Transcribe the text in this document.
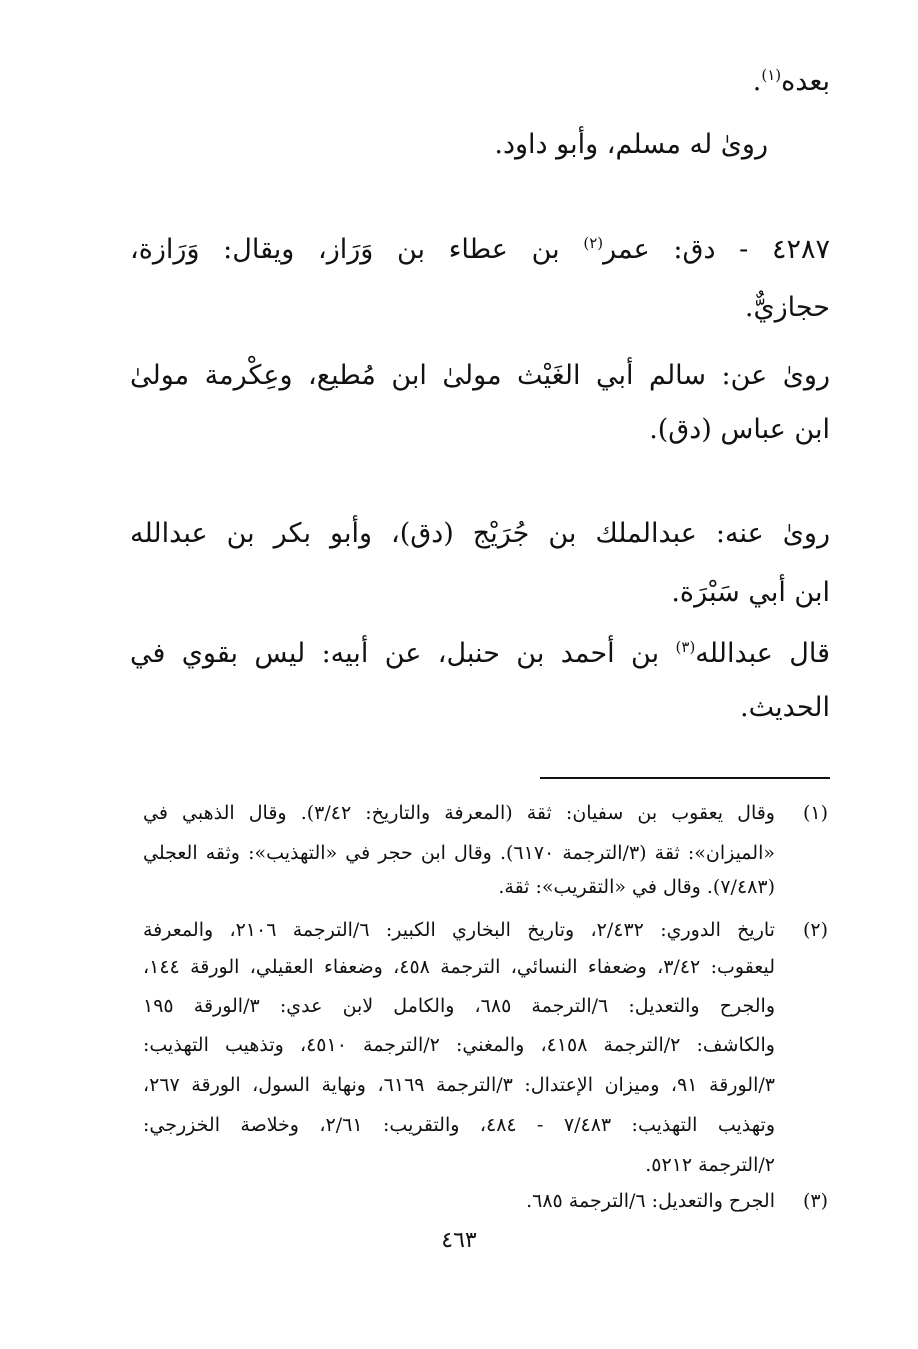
بعده$^{(١)}$.
روىٰ له مسلم، وأبو داود.
٤٢٨٧ - دق: عمر$^{(٢)}$ بن عطاء بن وَرَاز، ويقال: وَرَازة،
حجازيٌّ.
روىٰ عن: سالم أبي الغَيْث مولىٰ ابن مُطيع، وعِكْرمة مولىٰ
ابن عباس (دق).
روىٰ عنه: عبدالملك بن جُرَيْج (دق)، وأبو بكر بن عبدالله
ابن أبي سَبْرَة.
قال عبدالله$^{(٣)}$ بن أحمد بن حنبل، عن أبيه: ليس بقوي في
الحديث.
(١)
وقال يعقوب بن سفيان: ثقة (المعرفة والتاريخ: ٣/٤٢). وقال الذهبي في
«الميزان»: ثقة (٣/الترجمة ٦١٧٠). وقال ابن حجر في «التهذيب»: وثقه العجلي
(٧/٤٨٣). وقال في «التقريب»: ثقة.
(٢)
تاريخ الدوري: ٢/٤٣٢، وتاريخ البخاري الكبير: ٦/الترجمة ٢١٠٦، والمعرفة
ليعقوب: ٣/٤٢، وضعفاء النسائي، الترجمة ٤٥٨، وضعفاء العقيلي، الورقة ١٤٤،
والجرح والتعديل: ٦/الترجمة ٦٨٥، والكامل لابن عدي: ٣/الورقة ١٩٥
والكاشف: ٢/الترجمة ٤١٥٨، والمغني: ٢/الترجمة ٤٥١٠، وتذهيب التهذيب:
٣/الورقة ٩١، وميزان الإعتدال: ٣/الترجمة ٦١٦٩، ونهاية السول، الورقة ٢٦٧،
وتهذيب التهذيب: ٧/٤٨٣ - ٤٨٤، والتقريب: ٢/٦١، وخلاصة الخزرجي:
٢/الترجمة ٥٢١٢.
(٣)
الجرح والتعديل: ٦/الترجمة ٦٨٥.
٤٦٣
